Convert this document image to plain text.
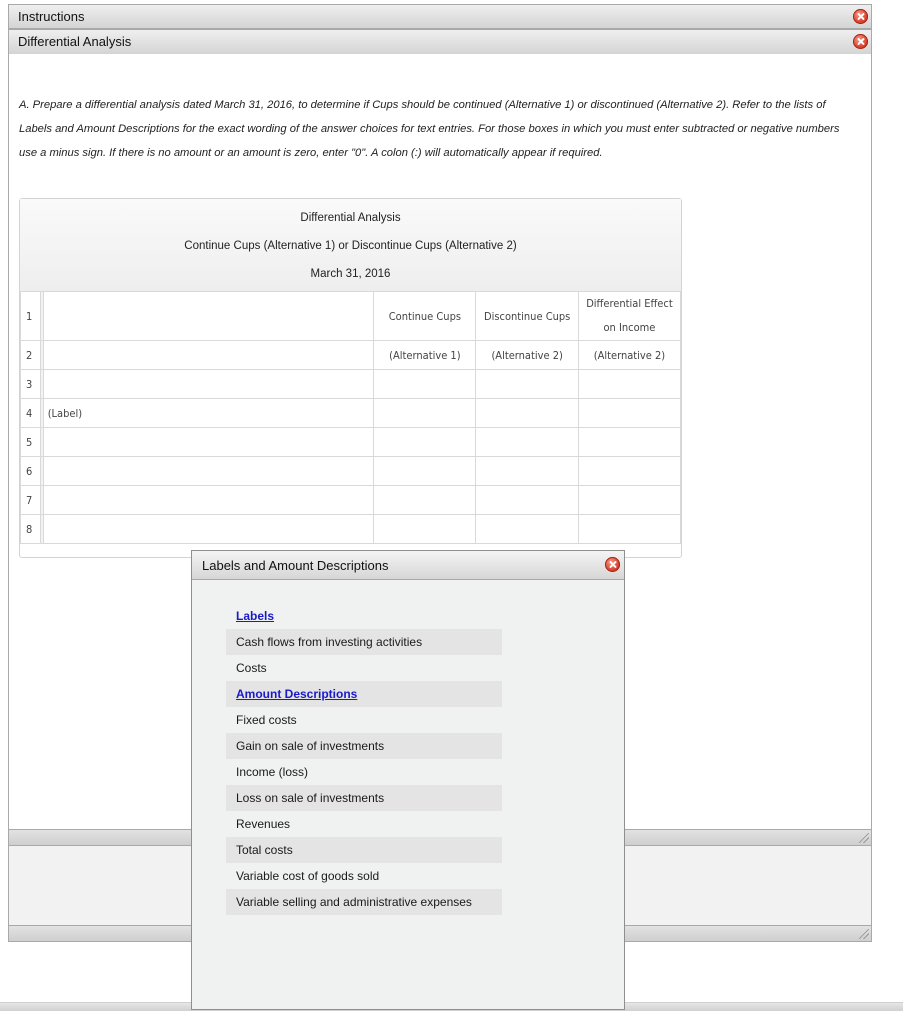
Instructions
Differential Analysis
A. Prepare a differential analysis dated March 31, 2016, to determine if Cups should be continued (Alternative 1) or discontinued (Alternative 2). Refer to the lists of Labels and Amount Descriptions for the exact wording of the answer choices for text entries. For those boxes in which you must enter subtracted or negative numbers use a minus sign. If there is no amount or an amount is zero, enter "0". A colon (:) will automatically appear if required.
Differential Analysis
Continue Cups (Alternative 1) or Discontinue Cups (Alternative 2)
March 31, 2016
1			Continue Cups	Discontinue Cups	Differential Effect on Income
2			(Alternative 1)	(Alternative 2)	(Alternative 2)
3					
4		(Label)			
5					
6					
7					
8					
Labels and Amount Descriptions
Labels
Cash flows from investing activities
Costs
Amount Descriptions
Fixed costs
Gain on sale of investments
Income (loss)
Loss on sale of investments
Revenues
Total costs
Variable cost of goods sold
Variable selling and administrative expenses
